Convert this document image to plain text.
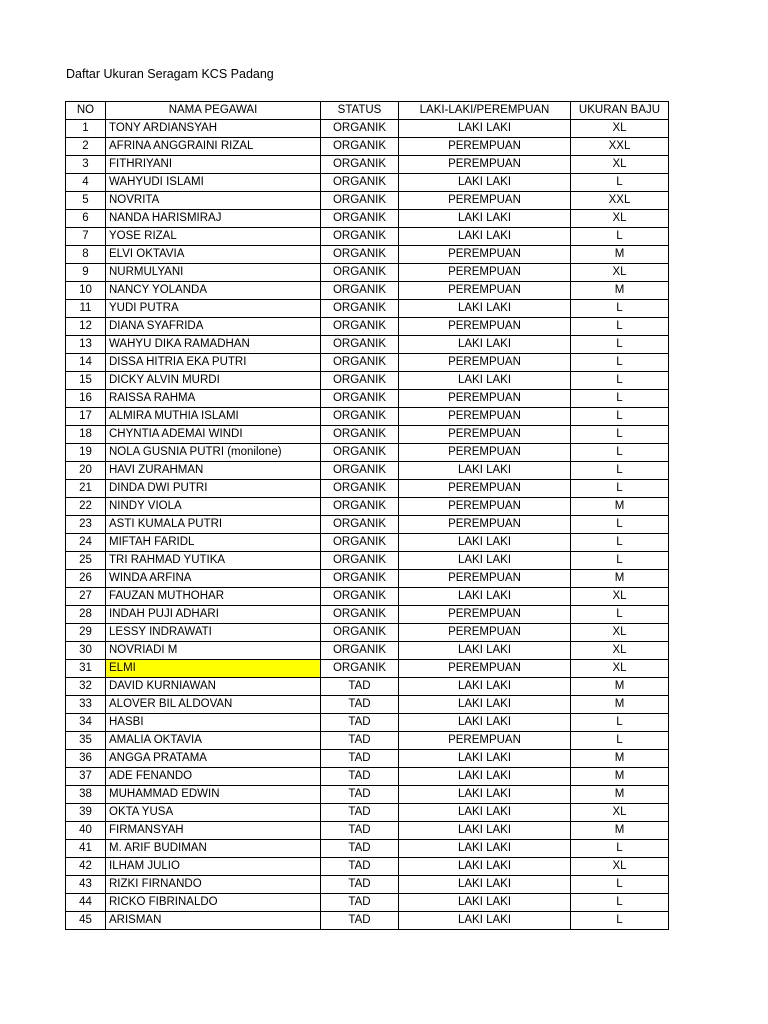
Daftar Ukuran Seragam KCS Padang
NO	NAMA PEGAWAI	STATUS	LAKI-LAKI/PEREMPUAN	UKURAN BAJU
1	TONY ARDIANSYAH	ORGANIK	LAKI LAKI	XL
2	AFRINA ANGGRAINI RIZAL	ORGANIK	PEREMPUAN	XXL
3	FITHRIYANI	ORGANIK	PEREMPUAN	XL
4	WAHYUDI ISLAMI	ORGANIK	LAKI LAKI	L
5	NOVRITA	ORGANIK	PEREMPUAN	XXL
6	NANDA HARISMIRAJ	ORGANIK	LAKI LAKI	XL
7	YOSE RIZAL	ORGANIK	LAKI LAKI	L
8	ELVI OKTAVIA	ORGANIK	PEREMPUAN	M
9	NURMULYANI	ORGANIK	PEREMPUAN	XL
10	NANCY YOLANDA	ORGANIK	PEREMPUAN	M
11	YUDI PUTRA	ORGANIK	LAKI LAKI	L
12	DIANA SYAFRIDA	ORGANIK	PEREMPUAN	L
13	WAHYU DIKA RAMADHAN	ORGANIK	LAKI LAKI	L
14	DISSA HITRIA EKA PUTRI	ORGANIK	PEREMPUAN	L
15	DICKY ALVIN MURDI	ORGANIK	LAKI LAKI	L
16	RAISSA RAHMA	ORGANIK	PEREMPUAN	L
17	ALMIRA MUTHIA ISLAMI	ORGANIK	PEREMPUAN	L
18	CHYNTIA ADEMAI WINDI	ORGANIK	PEREMPUAN	L
19	NOLA GUSNIA PUTRI (monilone)	ORGANIK	PEREMPUAN	L
20	HAVI ZURAHMAN	ORGANIK	LAKI LAKI	L
21	DINDA DWI PUTRI	ORGANIK	PEREMPUAN	L
22	NINDY VIOLA	ORGANIK	PEREMPUAN	M
23	ASTI KUMALA PUTRI	ORGANIK	PEREMPUAN	L
24	MIFTAH FARIDL	ORGANIK	LAKI LAKI	L
25	TRI RAHMAD YUTIKA	ORGANIK	LAKI LAKI	L
26	WINDA ARFINA	ORGANIK	PEREMPUAN	M
27	FAUZAN MUTHOHAR	ORGANIK	LAKI LAKI	XL
28	INDAH PUJI ADHARI	ORGANIK	PEREMPUAN	L
29	LESSY INDRAWATI	ORGANIK	PEREMPUAN	XL
30	NOVRIADI M	ORGANIK	LAKI LAKI	XL
31	ELMI	ORGANIK	PEREMPUAN	XL
32	DAVID KURNIAWAN	TAD	LAKI LAKI	M
33	ALOVER BIL ALDOVAN	TAD	LAKI LAKI	M
34	HASBI	TAD	LAKI LAKI	L
35	AMALIA OKTAVIA	TAD	PEREMPUAN	L
36	ANGGA PRATAMA	TAD	LAKI LAKI	M
37	ADE FENANDO	TAD	LAKI LAKI	M
38	MUHAMMAD EDWIN	TAD	LAKI LAKI	M
39	OKTA YUSA	TAD	LAKI LAKI	XL
40	FIRMANSYAH	TAD	LAKI LAKI	M
41	M. ARIF BUDIMAN	TAD	LAKI LAKI	L
42	ILHAM JULIO	TAD	LAKI LAKI	XL
43	RIZKI FIRNANDO	TAD	LAKI LAKI	L
44	RICKO FIBRINALDO	TAD	LAKI LAKI	L
45	ARISMAN	TAD	LAKI LAKI	L
